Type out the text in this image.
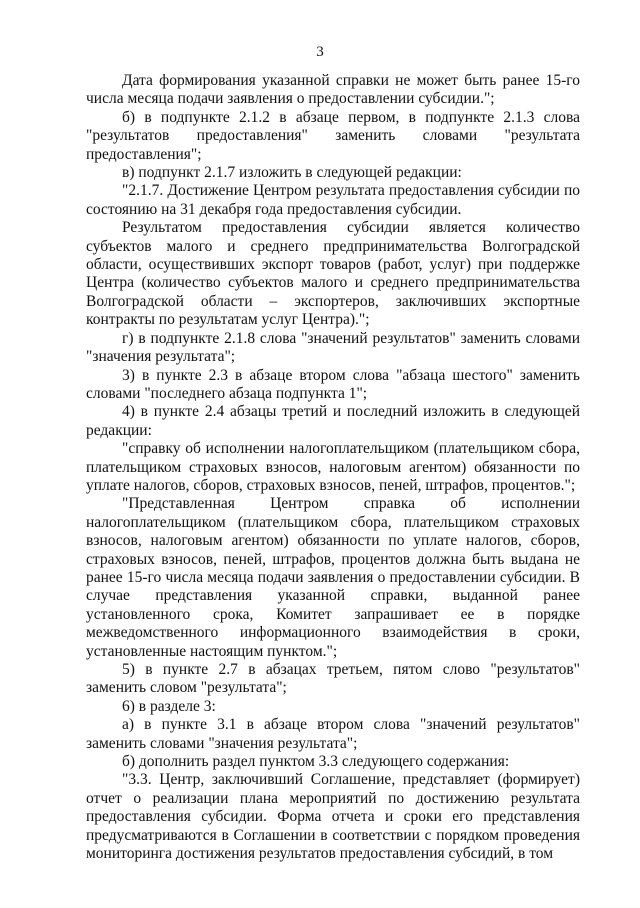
3

Дата формирования указанной справки не может быть ранее 15-го числа месяца подачи заявления о предоставлении субсидии.";

б) в подпункте 2.1.2 в абзаце первом, в подпункте 2.1.3 слова "результатов предоставления" заменить словами "результата предоставления";

в) подпункт 2.1.7 изложить в следующей редакции:

"2.1.7. Достижение Центром результата предоставления субсидии по состоянию на 31 декабря года предоставления субсидии.

Результатом предоставления субсидии является количество субъектов малого и среднего предпринимательства Волгоградской области, осуществивших экспорт товаров (работ, услуг) при поддержке Центра (количество субъектов малого и среднего предпринимательства Волгоградской области – экспортеров, заключивших экспортные контракты по результатам услуг Центра).";

г) в подпункте 2.1.8 слова "значений результатов" заменить словами "значения результата";

3) в пункте 2.3 в абзаце втором слова "абзаца шестого" заменить словами "последнего абзаца подпункта 1";

4) в пункте 2.4 абзацы третий и последний изложить в следующей редакции:

"справку об исполнении налогоплательщиком (плательщиком сбора, плательщиком страховых взносов, налоговым агентом) обязанности по уплате налогов, сборов, страховых взносов, пеней, штрафов, процентов.";

"Представленная Центром справка об исполнении налогоплательщиком (плательщиком сбора, плательщиком страховых взносов, налоговым агентом) обязанности по уплате налогов, сборов, страховых взносов, пеней, штрафов, процентов должна быть выдана не ранее 15-го числа месяца подачи заявления о предоставлении субсидии. В случае представления указанной справки, выданной ранее установленного срока, Комитет запрашивает ее в порядке межведомственного информационного взаимодействия в сроки, установленные настоящим пунктом.";

5) в пункте 2.7 в абзацах третьем, пятом слово "результатов" заменить словом "результата";

6) в разделе 3:

а) в пункте 3.1 в абзаце втором слова "значений результатов" заменить словами "значения результата";

б) дополнить раздел пунктом 3.3 следующего содержания:

"3.3. Центр, заключивший Соглашение, представляет (формирует) отчет о реализации плана мероприятий по достижению результата предоставления субсидии. Форма отчета и сроки его представления предусматриваются в Соглашении в соответствии с порядком проведения мониторинга достижения результатов предоставления субсидий, в том
